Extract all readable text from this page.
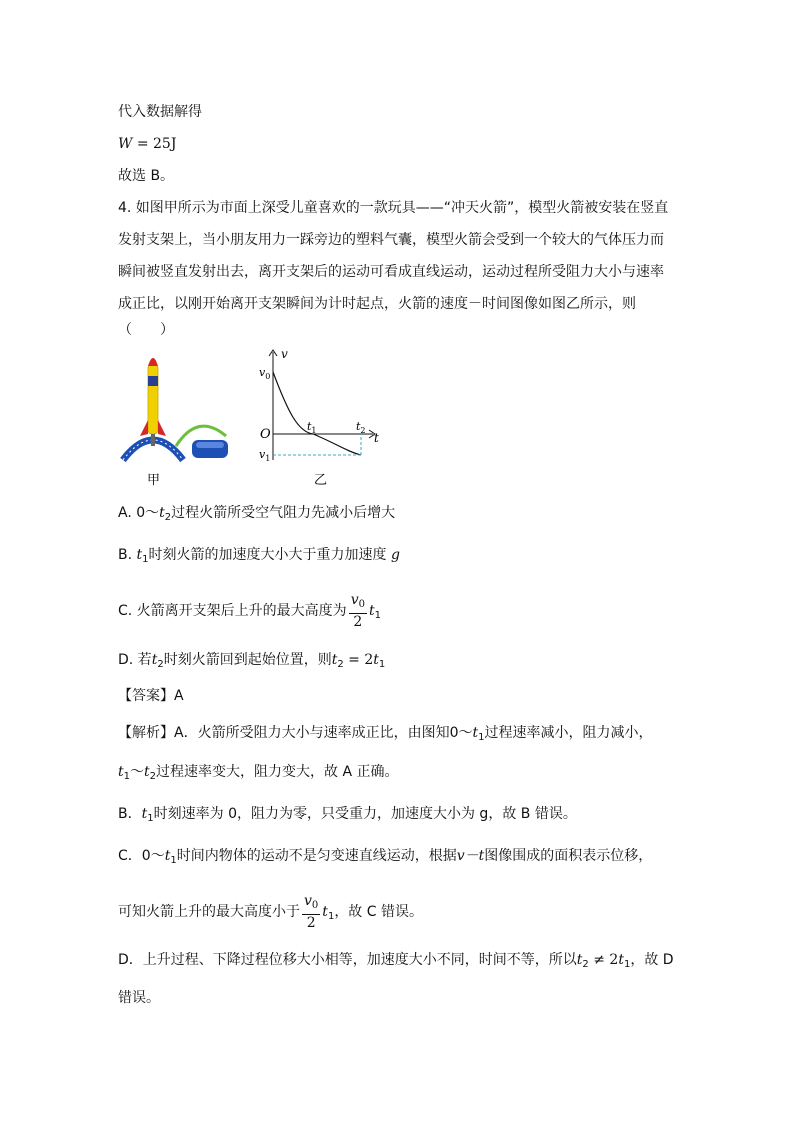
代入数据解得
W = 25J
故选 B。
4. 如图甲所示为市面上深受儿童喜欢的一款玩具——“冲天火箭”，模型火箭被安装在竖直
发射支架上，当小朋友用力一踩旁边的塑料气囊，模型火箭会受到一个较大的气体压力而
瞬间被竖直发射出去，离开支架后的运动可看成直线运动，运动过程所受阻力大小与速率
成正比，以刚开始离开支架瞬间为计时起点，火箭的速度－时间图像如图乙所示，则
（　　）
甲
v
t
O
$v_0$
$v_1$
$t_1$	$t_2$
乙
A. $0\sim t_2$过程火箭所受空气阻力先减小后增大
B. $t_1$时刻火箭的加速度大小大于重力加速度 g
C. 火箭离开支架后上升的最大高度为 $\frac{v_0}{2} t_1$
D. 若$t_2$时刻火箭回到起始位置，则$t_2 = 2t_1$
【答案】A
【解析】A．火箭所受阻力大小与速率成正比，由图知$0\sim t_1$过程速率减小，阻力减小，
$t_1\sim t_2$过程速率变大，阻力变大，故 A 正确。
B．$t_1$时刻速率为 0，阻力为零，只受重力，加速度大小为 g，故 B 错误。
C．$0\sim t_1$时间内物体的运动不是匀变速直线运动，根据v－t图像围成的面积表示位移，
可知火箭上升的最大高度小于 $\frac{v_0}{2} t_1$，故 C 错误。
D．上升过程、下降过程位移大小相等，加速度大小不同，时间不等，所以$t_2 \ne 2t_1$，故 D
错误。
